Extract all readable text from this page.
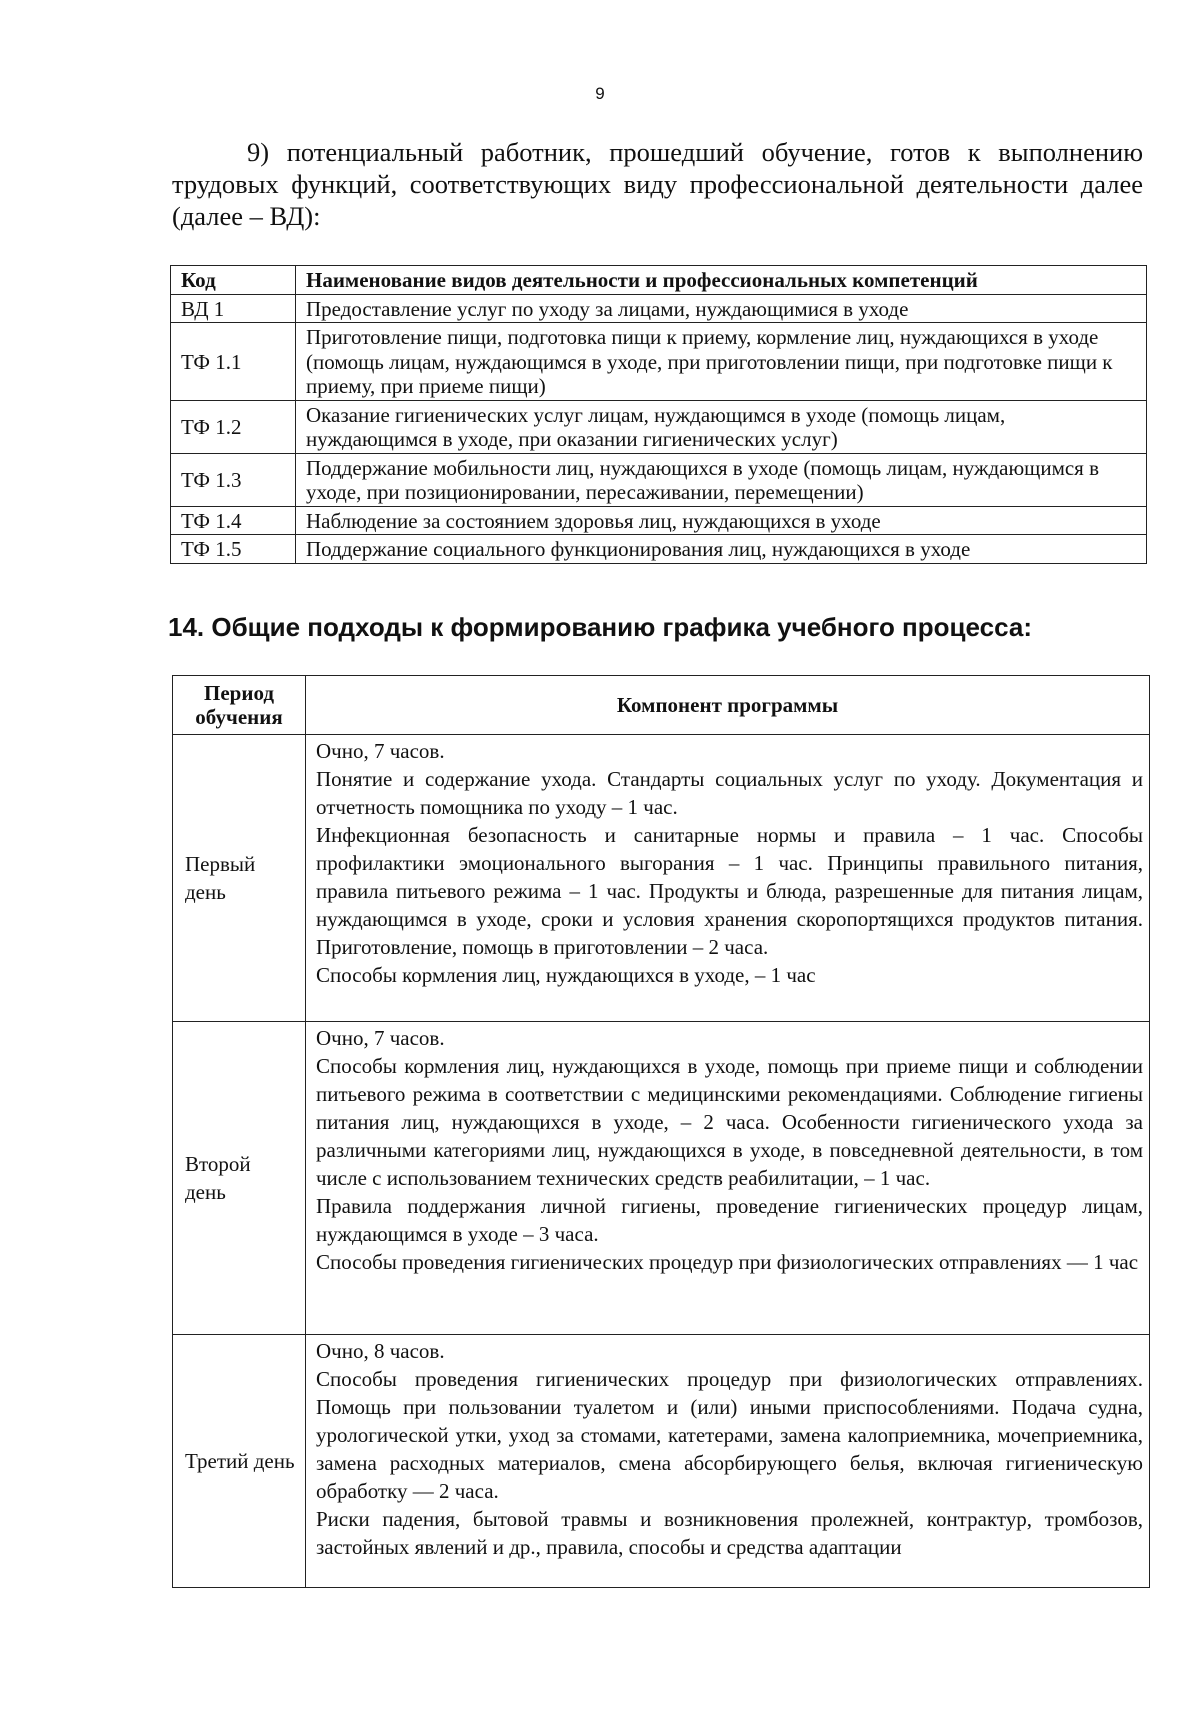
9

9) потенциальный работник, прошедший обучение, готов к выполнению трудовых функций, соответствующих виду профессиональной деятельности далее (далее – ВД):

Код	Наименование видов деятельности и профессиональных компетенций
ВД 1	Предоставление услуг по уходу за лицами, нуждающимися в уходе
ТФ 1.1	Приготовление пищи, подготовка пищи к приему, кормление лиц, нуждающихся в уходе (помощь лицам, нуждающимся в уходе, при приготовлении пищи, при подготовке пищи к приему, при приеме пищи)
ТФ 1.2	Оказание гигиенических услуг лицам, нуждающимся в уходе (помощь лицам, нуждающимся в уходе, при оказании гигиенических услуг)
ТФ 1.3	Поддержание мобильности лиц, нуждающихся в уходе (помощь лицам, нуждающимся в уходе, при позиционировании, пересаживании, перемещении)
ТФ 1.4	Наблюдение за состоянием здоровья лиц, нуждающихся в уходе
ТФ 1.5	Поддержание социального функционирования лиц, нуждающихся в уходе
14. Общие подходы к формированию графика учебного процесса:
Период обучения	Компонент программы
Первый день	Очно, 7 часов.

Понятие и содержание ухода. Стандарты социальных услуг по уходу. Документация и отчетность помощника по уходу – 1 час.

Инфекционная безопасность и санитарные нормы и правила – 1 час. Способы профилактики эмоционального выгорания – 1 час. Принципы правильного питания, правила питьевого режима – 1 час. Продукты и блюда, разрешенные для питания лицам, нуждающимся в уходе, сроки и условия хранения скоропортящихся продуктов питания. Приготовление, помощь в приготовлении – 2 часа.

Способы кормления лиц, нуждающихся в уходе, – 1 час

Второй день	Очно, 7 часов.

Способы кормления лиц, нуждающихся в уходе, помощь при приеме пищи и соблюдении питьевого режима в соответствии с медицинскими рекомендациями. Соблюдение гигиены питания лиц, нуждающихся в уходе, – 2 часа. Особенности гигиенического ухода за различными категориями лиц, нуждающихся в уходе, в повседневной деятельности, в том числе с использованием технических средств реабилитации, – 1 час.

Правила поддержания личной гигиены, проведение гигиенических процедур лицам, нуждающимся в уходе – 3 часа.

Способы проведения гигиенических процедур при физиологических отправлениях — 1 час

Третий день	Очно, 8 часов.

Способы проведения гигиенических процедур при физиологических отправлениях. Помощь при пользовании туалетом и (или) иными приспособлениями. Подача судна, урологической утки, уход за стомами, катетерами, замена калоприемника, мочеприемника, замена расходных материалов, смена абсорбирующего белья, включая гигиеническую обработку — 2 часа.

Риски падения, бытовой травмы и возникновения пролежней, контрактур, тромбозов, застойных явлений и др., правила, способы и средства адаптации
